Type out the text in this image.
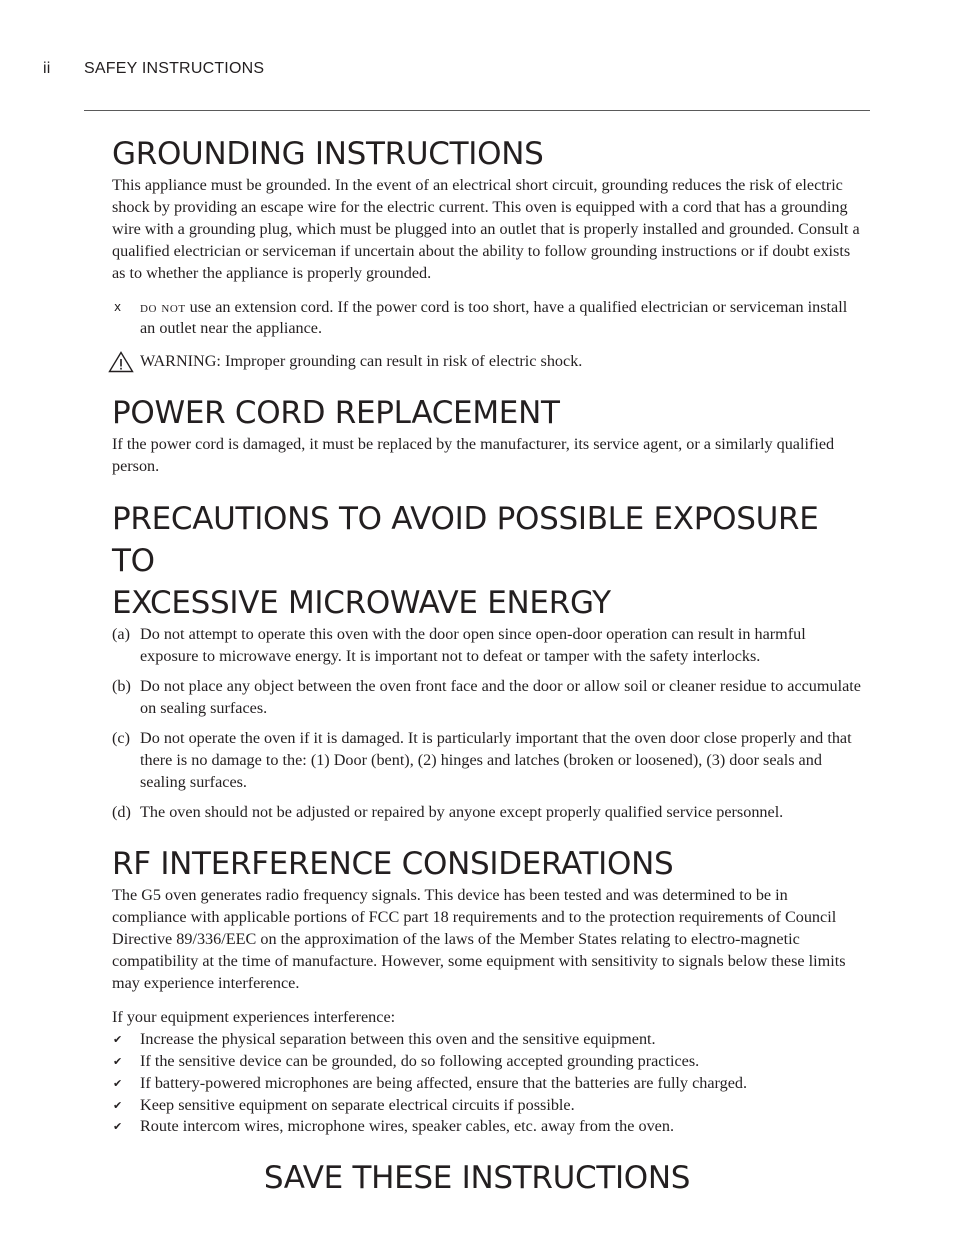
ii SAFEY INSTRUCTIONS
GROUNDING INSTRUCTIONS

This appliance must be grounded. In the event of an electrical short circuit, grounding reduces the risk of electric shock by providing an escape wire for the electric current. This oven is equipped with a cord that has a grounding wire with a grounding plug, which must be plugged into an outlet that is properly installed and grounded. Consult a qualified electrician or serviceman if uncertain about the ability to follow grounding instructions or if doubt exists as to whether the appliance is properly grounded.

x	do not use an extension cord. If the power cord is too short, have a qualified electrician or serviceman install an outlet near the appliance.
WARNING: Improper grounding can result in risk of electric shock.
POWER CORD REPLACEMENT

If the power cord is damaged, it must be replaced by the manufacturer, its service agent, or a similarly qualified person.

PRECAUTIONS TO AVOID POSSIBLE EXPOSURE TO
EXCESSIVE MICROWAVE ENERGY
(a) Do not attempt to operate this oven with the door open since open-door operation can result in harmful exposure to microwave energy. It is important not to defeat or tamper with the safety interlocks.
(b) Do not place any object between the oven front face and the door or allow soil or cleaner residue to accumulate on sealing surfaces.
(c) Do not operate the oven if it is damaged. It is particularly important that the oven door close properly and that there is no damage to the: (1) Door (bent), (2) hinges and latches (broken or loosened), (3) door seals and sealing surfaces.
(d) The oven should not be adjusted or repaired by anyone except properly qualified service personnel.
RF INTERFERENCE CONSIDERATIONS

The G5 oven generates radio frequency signals. This device has been tested and was determined to be in compliance with applicable portions of FCC part 18 requirements and to the protection requirements of Council Directive 89/336/EEC on the approximation of the laws of the Member States relating to electro-magnetic compatibility at the time of manufacture. However, some equipment with sensitivity to signals below these limits may experience interference.

If your equipment experiences interference:

✔	Increase the physical separation between this oven and the sensitive equipment.
✔	If the sensitive device can be grounded, do so following accepted grounding practices.
✔	If battery-powered microphones are being affected, ensure that the batteries are fully charged.
✔	Keep sensitive equipment on separate electrical circuits if possible.
✔	Route intercom wires, microphone wires, speaker cables, etc. away from the oven.
SAVE THESE INSTRUCTIONS
